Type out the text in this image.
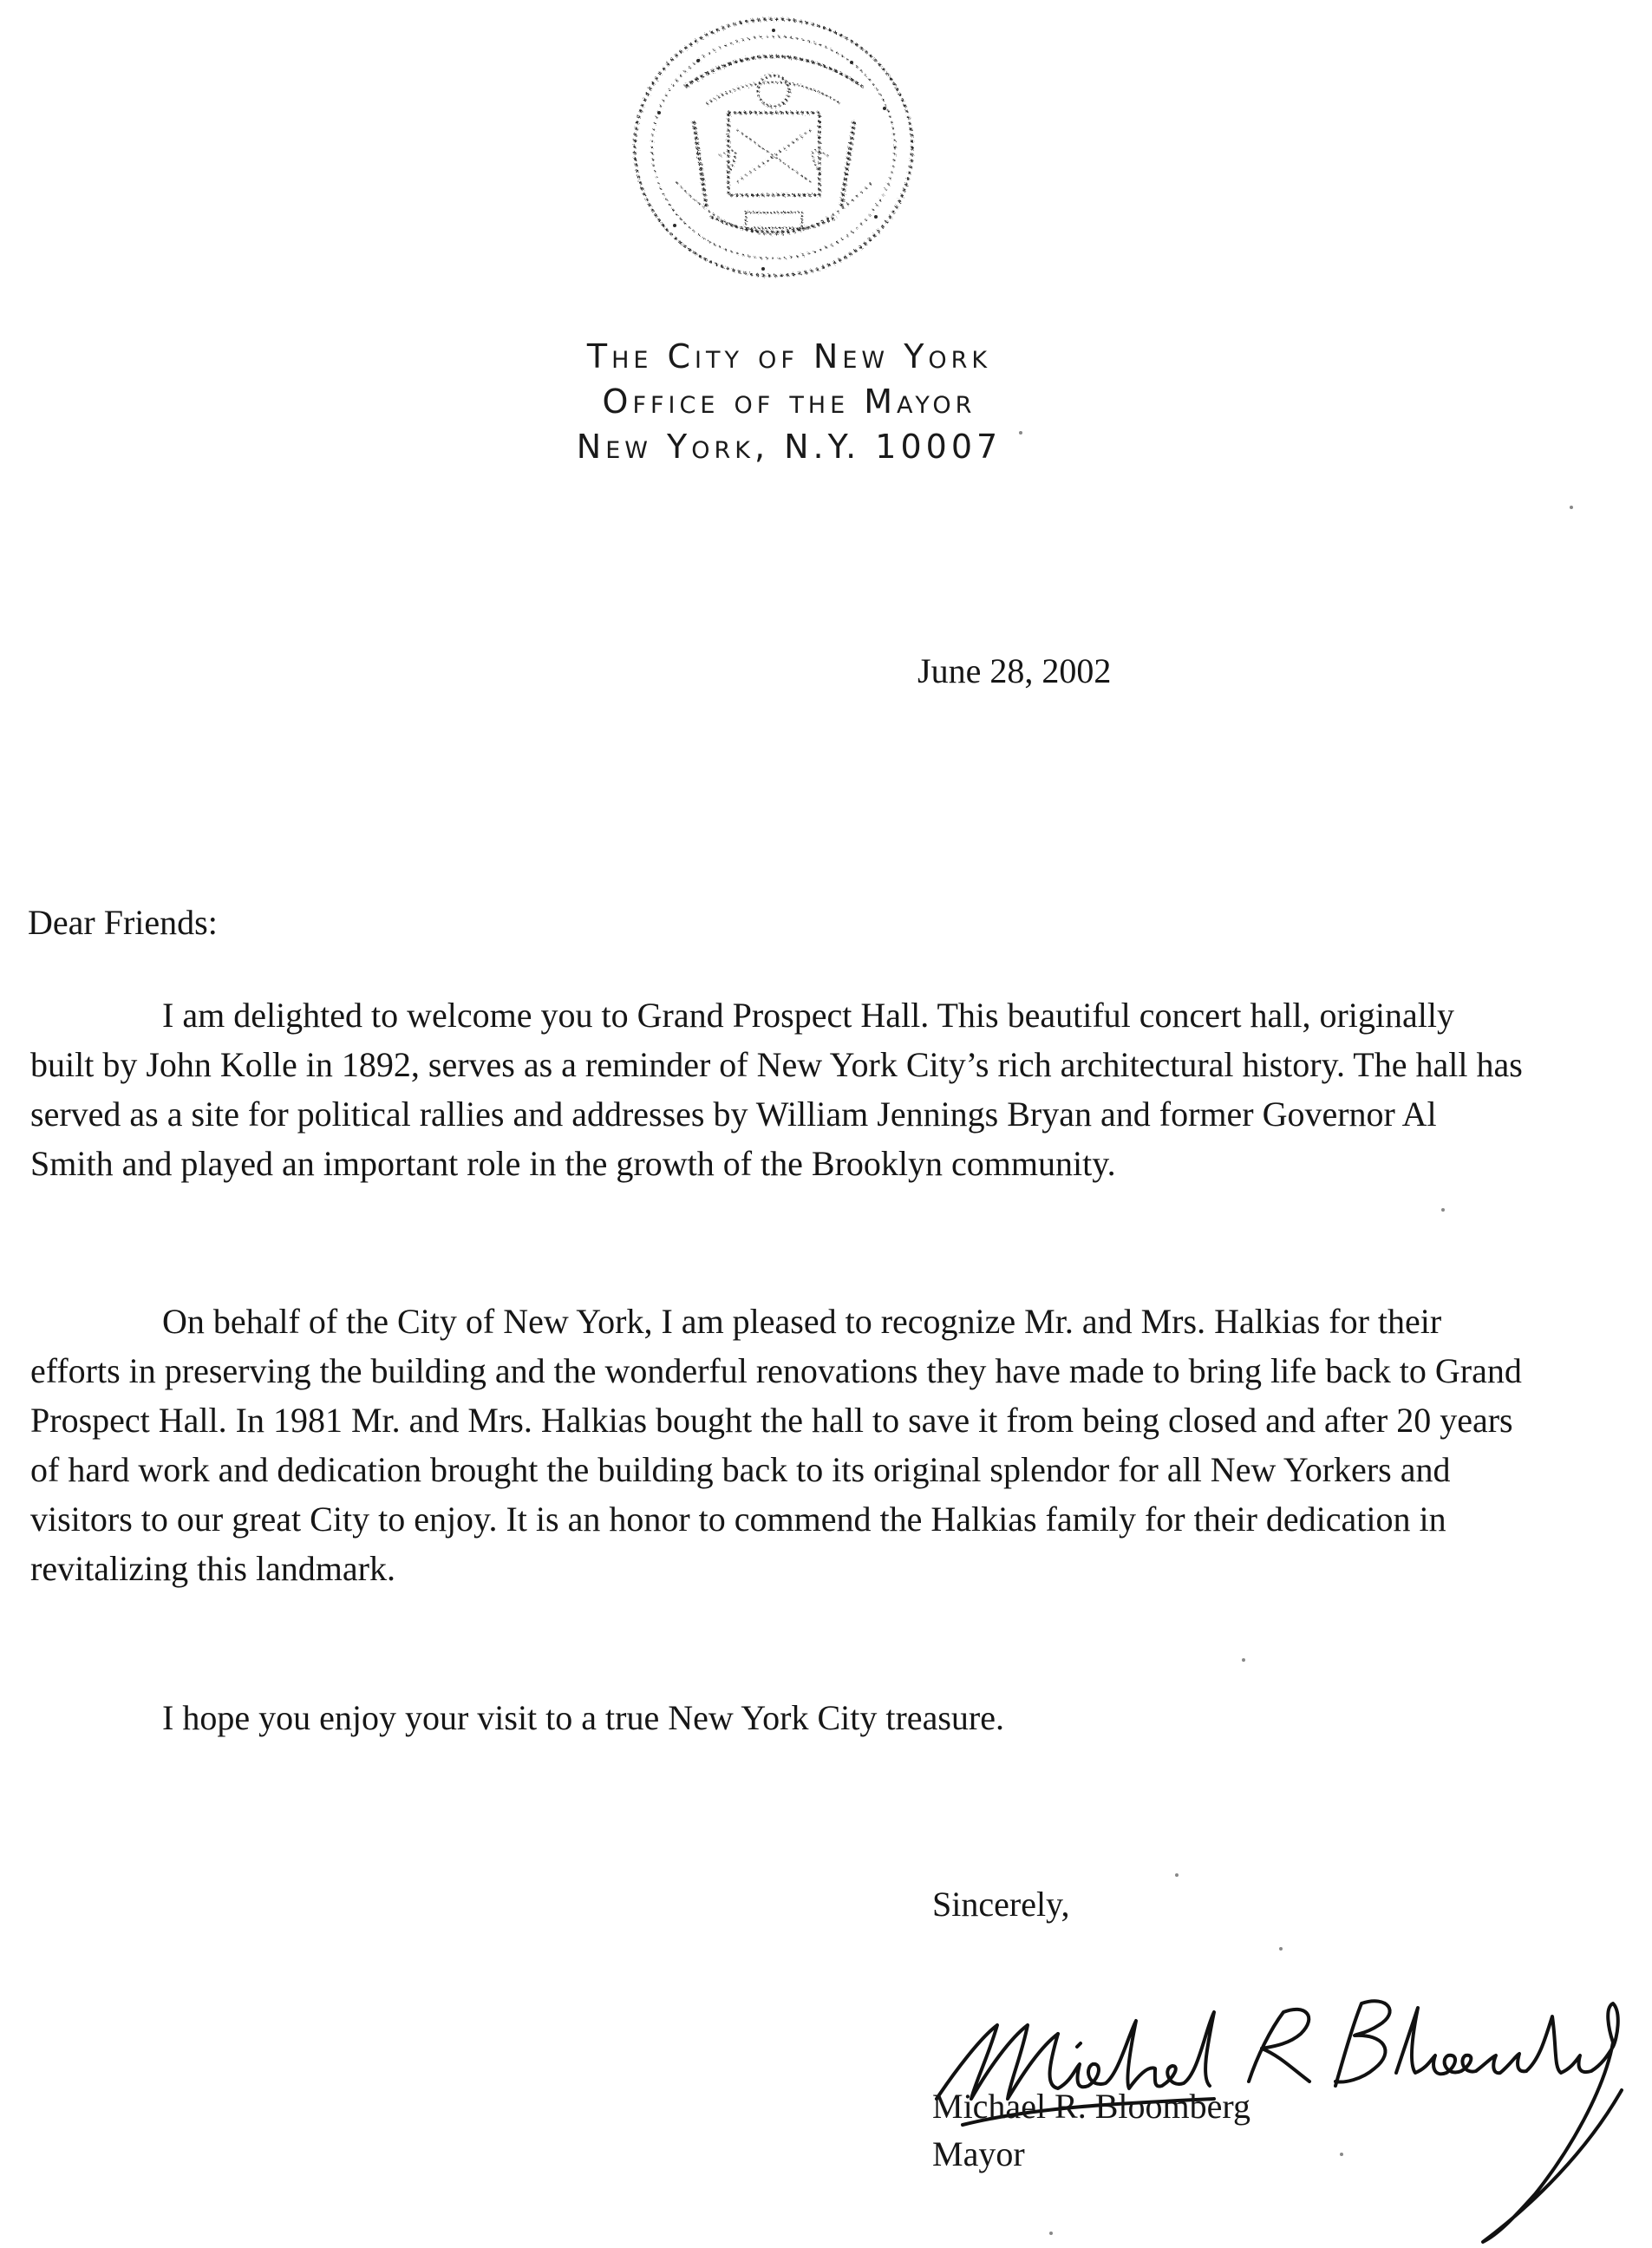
The City of New York
Office of the Mayor
New York, N.Y. 10007
June 28, 2002
Dear Friends:

I am delighted to welcome you to Grand Prospect Hall. This beautiful concert hall, originally built by John Kolle in 1892, serves as a reminder of New York City’s rich architectural history. The hall has served as a site for political rallies and addresses by William Jennings Bryan and former Governor Al Smith and played an important role in the growth of the Brooklyn community.

On behalf of the City of New York, I am pleased to recognize Mr. and Mrs. Halkias for their efforts in preserving the building and the wonderful renovations they have made to bring life back to Grand Prospect Hall. In 1981 Mr. and Mrs. Halkias bought the hall to save it from being closed and after 20 years of hard work and dedication brought the building back to its original splendor for all New Yorkers and visitors to our great City to enjoy. It is an honor to commend the Halkias family for their dedication in revitalizing this landmark.

I hope you enjoy your visit to a true New York City treasure.

Sincerely,
Michael R. Bloomberg
Mayor
